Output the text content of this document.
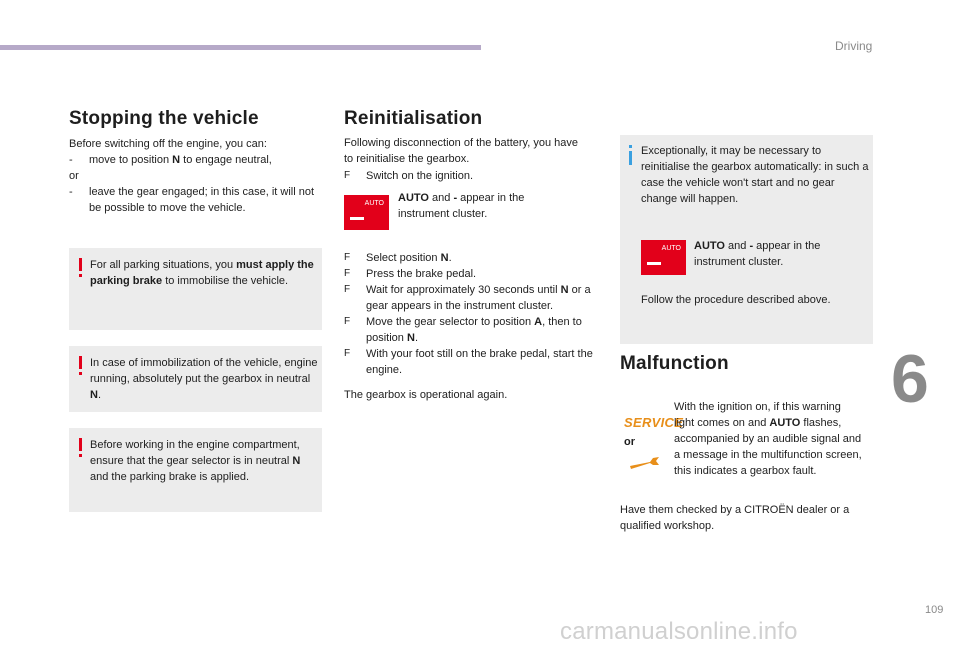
Driving
6
109
Stopping the vehicle

Before switching off the engine, you can:

- move to position N to engage neutral,

or

- leave the gear engaged; in this case, it will not be possible to move the vehicle.

For all parking situations, you must apply the parking brake to immobilise the vehicle.

In case of immobilization of the vehicle, engine running, absolutely put the gearbox in neutral N.

Before working in the engine compartment, ensure that the gear selector is in neutral N and the parking brake is applied.

Reinitialisation

Following disconnection of the battery, you have to reinitialise the gearbox.

F Switch on the ignition.

AUTO AUTO and - appear in the instrument cluster.

F Select position N.

F Press the brake pedal.

F Wait for approximately 30 seconds until N or a gear appears in the instrument cluster.

F Move the gear selector to position A, then to position N.

F With your foot still on the brake pedal, start the engine.

The gearbox is operational again.

Exceptionally, it may be necessary to reinitialise the gearbox automatically: in such a case the vehicle won't start and no gear change will happen.

AUTO AUTO and - appear in the instrument cluster.

Follow the procedure described above.

Malfunction
SERVICE
or

With the ignition on, if this warning light comes on and AUTO flashes, accompanied by an audible signal and a message in the multifunction screen, this indicates a gearbox fault.

Have them checked by a CITROËN dealer or a qualified workshop.

carmanualsonline.info
